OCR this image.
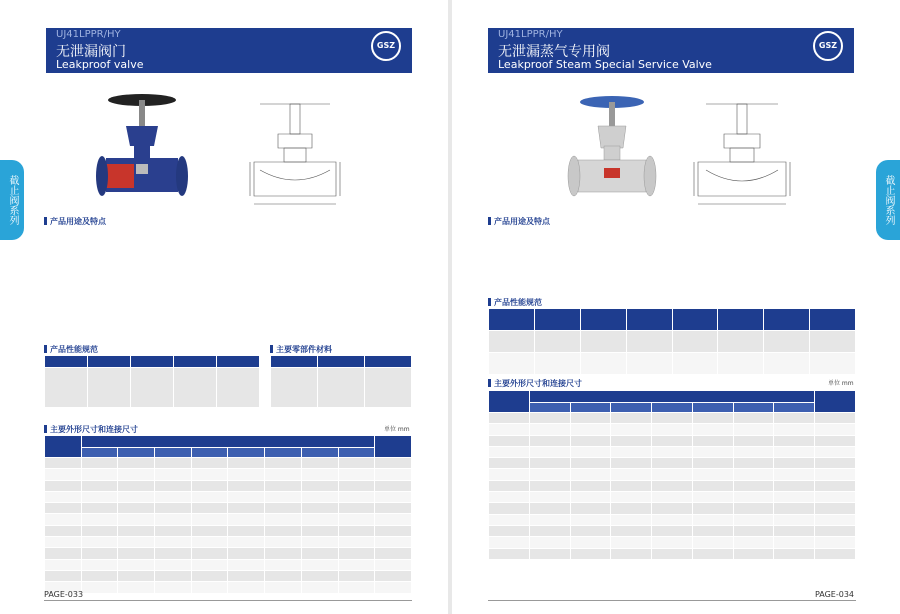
UJ41LPPR/HY
无泄漏阀门
Leakproof valve
GSZ

截止阀系列	产品用途及特点
产品性能规范

					主要零部件材料

主要外形尺寸和连接尺寸	单位 mm

PAGE-033
UJ41LPPR/HY
无泄漏蒸气专用阀
Leakproof Steam Special Service Valve
GSZ

截止阀系列
产品用途及特点
产品性能规范

主要外形尺寸和连接尺寸	单位 mm

PAGE-034
